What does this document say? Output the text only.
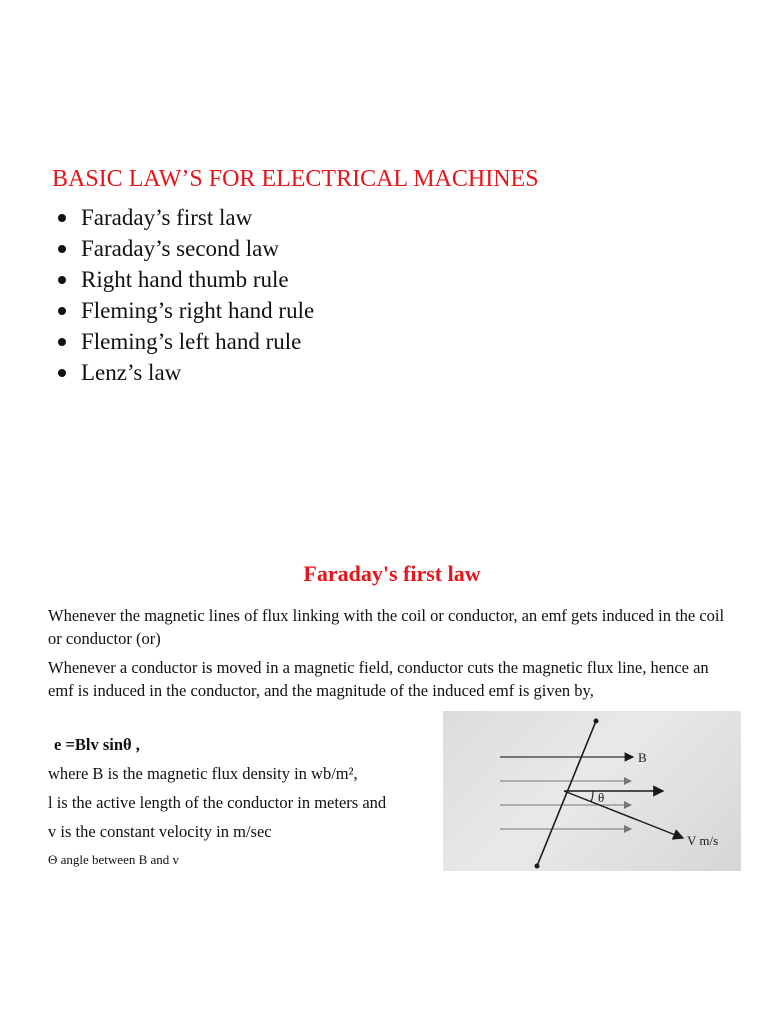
BASIC LAW’S FOR ELECTRICAL MACHINES
Faraday’s first law
Faraday’s second law
Right hand thumb rule
Fleming’s right hand rule
Fleming’s left hand rule
Lenz’s law
Faraday's first law
Whenever the magnetic lines of flux linking with the coil or conductor, an emf gets induced in the coil or conductor (or)
Whenever a conductor is moved in a magnetic field, conductor cuts the magnetic flux line, hence an emf is induced in the conductor, and the magnitude of the induced emf is given by,
e =Blv sinθ ,
where B is the magnetic flux density in wb/m²,
l is the active length of the conductor in meters and
v is the constant velocity in m/sec
Θ angle between B and v
B
θ
V m/s
